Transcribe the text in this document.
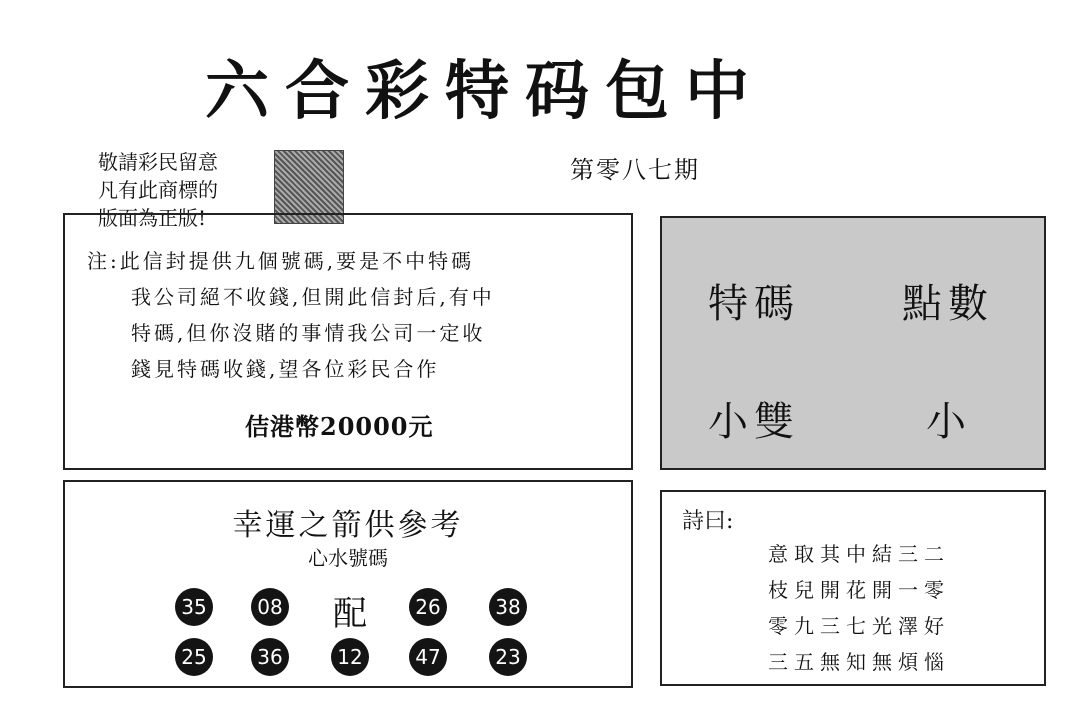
六合彩特码包中
敬請彩民留意
凡有此商標的
版面為正版!
第零八七期
注:此信封提供九個號碼,要是不中特碼
我公司絕不收錢,但開此信封后,有中
特碼,但你沒賭的事情我公司一定收
錢見特碼收錢,望各位彩民合作
佶港幣20000元
特碼	點數
小雙	小
幸運之箭供參考
心水號碼
35	08 配	26	38
25	36	12	47	23
詩曰:
意取其中結三二
枝兒開花開一零
零九三七光澤好
三五無知無煩惱
